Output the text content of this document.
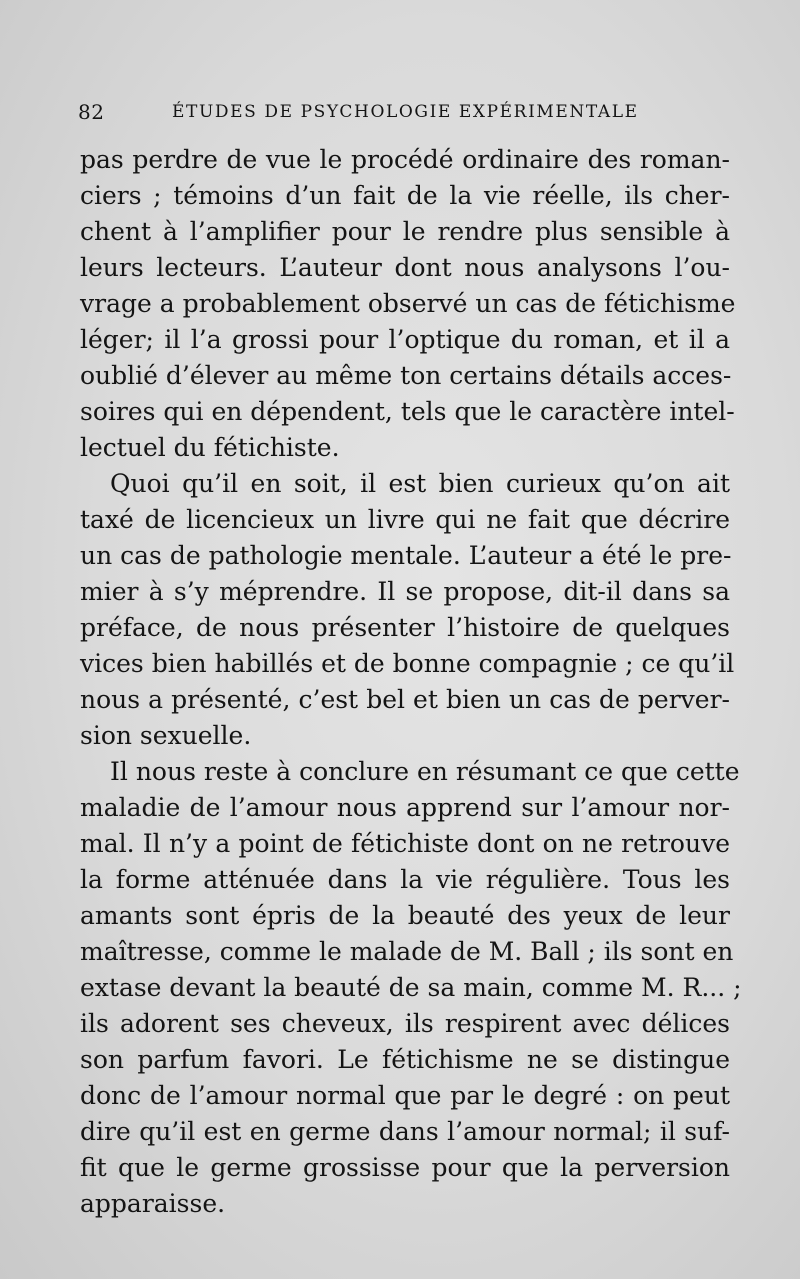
82	ÉTUDES DE PSYCHOLOGIE EXPÉRIMENTALE
pas perdre de vue le procédé ordinaire des roman-
ciers ; témoins d’un fait de la vie réelle, ils cher-
chent à l’amplifier pour le rendre plus sensible à
leurs lecteurs. L’auteur dont nous analysons l’ou-
vrage a probablement observé un cas de fétichisme
léger; il l’a grossi pour l’optique du roman, et il a
oublié d’élever au même ton certains détails acces-
soires qui en dépendent, tels que le caractère intel-
lectuel du fétichiste.
Quoi qu’il en soit, il est bien curieux qu’on ait
taxé de licencieux un livre qui ne fait que décrire
un cas de pathologie mentale. L’auteur a été le pre-
mier à s’y méprendre. Il se propose, dit-il dans sa
préface, de nous présenter l’histoire de quelques
vices bien habillés et de bonne compagnie ; ce qu’il
nous a présenté, c’est bel et bien un cas de perver-
sion sexuelle.
Il nous reste à conclure en résumant ce que cette
maladie de l’amour nous apprend sur l’amour nor-
mal. Il n’y a point de fétichiste dont on ne retrouve
la forme atténuée dans la vie régulière. Tous les
amants sont épris de la beauté des yeux de leur
maîtresse, comme le malade de M. Ball ; ils sont en
extase devant la beauté de sa main, comme M. R... ;
ils adorent ses cheveux, ils respirent avec délices
son parfum favori. Le fétichisme ne se distingue
donc de l’amour normal que par le degré : on peut
dire qu’il est en germe dans l’amour normal; il suf-
fit que le germe grossisse pour que la perversion
apparaisse.
